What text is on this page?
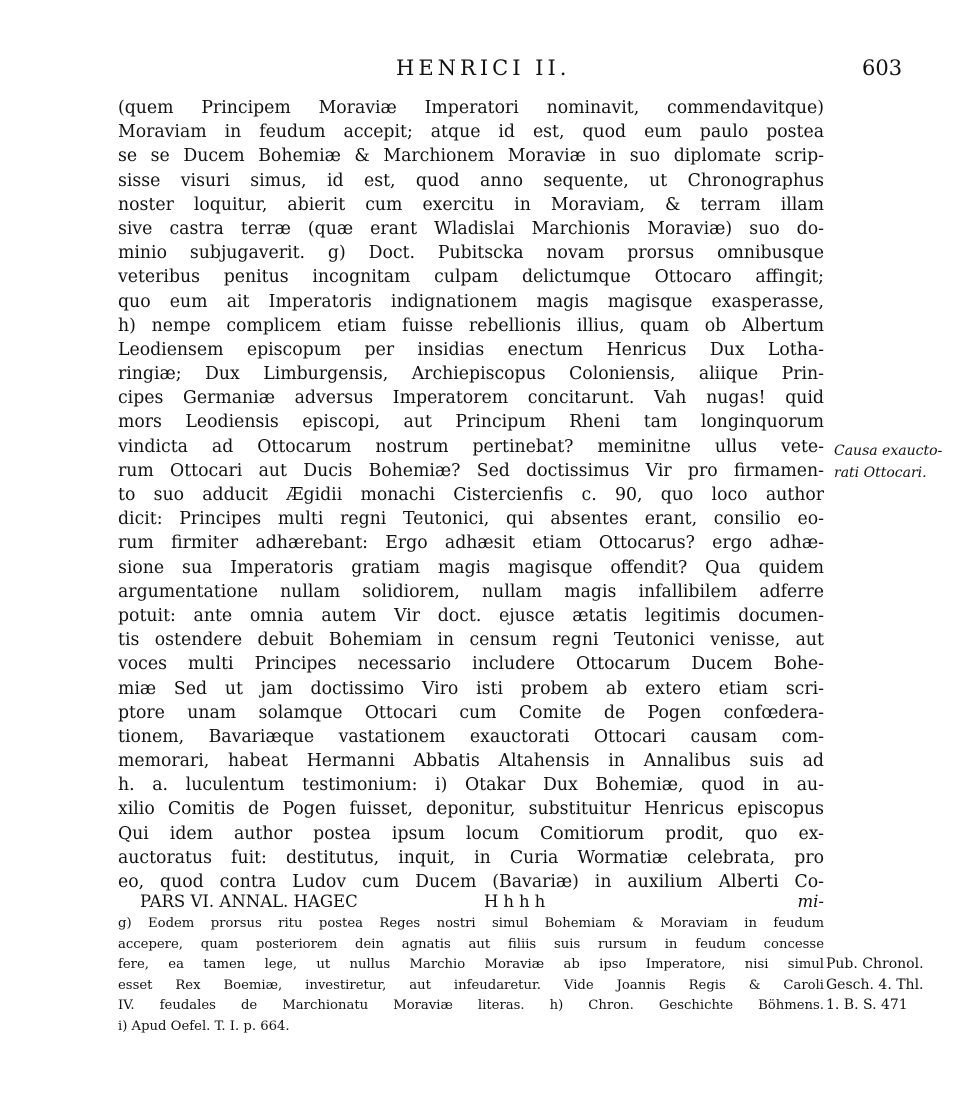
HENRICI II.	603
(quem Principem Moraviæ Imperatori nominavit, commendavitque)
Moraviam in feudum accepit; atque id est, quod eum paulo postea
se se Ducem Bohemiæ & Marchionem Moraviæ in suo diplomate scrip-
sisse visuri simus, id est, quod anno sequente, ut Chronographus
noster loquitur, abierit cum exercitu in Moraviam, & terram illam
sive castra terræ (quæ erant Wladislai Marchionis Moraviæ) suo do-
minio subjugaverit. g) Doct. Pubitscka novam prorsus omnibusque
veteribus penitus incognitam culpam delictumque Ottocaro affingit;
quo eum ait Imperatoris indignationem magis magisque exasperasse,
h) nempe complicem etiam fuisse rebellionis illius, quam ob Albertum
Leodiensem episcopum per insidias enectum Henricus Dux Lotha-
ringiæ; Dux Limburgensis, Archiepiscopus Coloniensis, aliique Prin-
cipes Germaniæ adversus Imperatorem concitarunt. Vah nugas! quid
mors Leodiensis episcopi, aut Principum Rheni tam longinquorum
vindicta ad Ottocarum nostrum pertinebat? meminitne ullus vete-
rum Ottocari aut Ducis Bohemiæ? Sed doctissimus Vir pro firmamen-
to suo adducit Ægidii monachi Cistercienfis c. 90, quo loco author
dicit: Principes multi regni Teutonici, qui absentes erant, consilio eo-
rum firmiter adhærebant: Ergo adhæsit etiam Ottocarus? ergo adhæ-
sione sua Imperatoris gratiam magis magisque offendit? Qua quidem
argumentatione nullam solidiorem, nullam magis infallibilem adferre
potuit: ante omnia autem Vir doct. ejusce ætatis legitimis documen-
tis ostendere debuit Bohemiam in censum regni Teutonici venisse, aut
voces multi Principes necessario includere Ottocarum Ducem Bohe-
miæ Sed ut jam doctissimo Viro isti probem ab extero etiam scri-
ptore unam solamque Ottocari cum Comite de Pogen confœdera-
tionem, Bavariæque vastationem exauctorati Ottocari causam com-
memorari, habeat Hermanni Abbatis Altahensis in Annalibus suis ad
h. a. luculentum testimonium: i) Otakar Dux Bohemiæ, quod in au-
xilio Comitis de Pogen fuisset, deponitur, substituitur Henricus episcopus
Qui idem author postea ipsum locum Comitiorum prodit, quo ex-
auctoratus fuit: destitutus, inquit, in Curia Wormatiæ celebrata, pro
eo, quod contra Ludov cum Ducem (Bavariæ) in auxilium Alberti Co-
Causa exaucto-
rati Ottocari.
PARS VI. ANNAL. HAGEC	Hhhh	mi-
g) Eodem prorsus ritu postea Reges nostri simul Bohemiam & Moraviam in feudum
acceperе, quam posteriorem dein agnatis aut filiis suis rursum in feudum concesse
fere, ea tamen lege, ut nullus Marchio Moraviæ ab ipso Imperatore, nisi simul
esset Rex Boemiæ, investiretur, aut infeudaretur. Vide Joannis Regis & Caroli
IV. feudales de Marchionatu Moraviæ literas. h) Chron. Geschichte Böhmens.
i) Apud Oefel. T. I. p. 664.
Pub. Chronol.
Gesch. 4. Thl.
1. B. S. 471
